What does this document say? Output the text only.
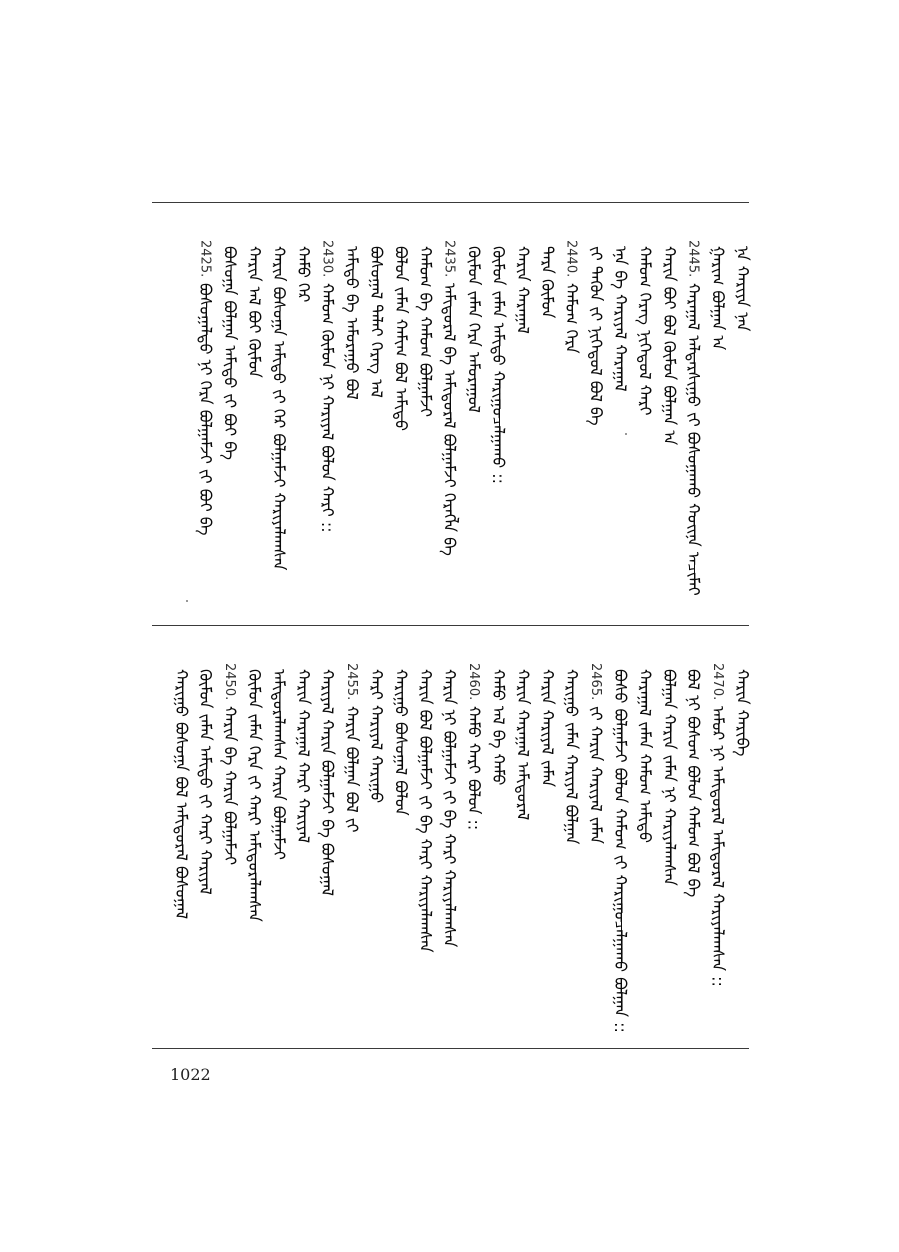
ᠨᠡ ᠬᠠᠷᠢᠶᠠ ᠨᠡᠨ
ᠭᠠᠷᠢᠭ ᠪᠣᠯᠭᠠᠨ ᠠ
2445.
ᠬᠠᠷᠠᠭᠠᠯ ᠠᠯᠳᠠᠷᠰᠢᠭᠤ ᠶ᠋ᠢ ᠪᠣᠰᠤᠭᠠᠬᠤ ᠬᠣᠢᠨᠠ ᠠᠴᠢᠮᠠᠢ
ᠬᠠᠷᠢᠨ ᠪᠣᠢ ᠪᠣᠯ ᠬᠦᠮᠦᠨ ᠪᠣᠯᠭᠠᠨ ᠠ
ᠬᠠᠮᠤᠭ ᠬᠡᠷᠡᠭ ᠨᠢᠭᠡᠳᠦᠯ ᠬᠠᠷᠢ
ᠡᠨᠡ ᠪᠡ ᠬᠠᠷᠢᠶᠠᠯ ᠬᠠᠷᠠᠭᠠᠯ
ᠶ᠋ᠢ ᠲᠡᠭᠦᠨ ᠶ᠋ᠢ ᠨᠢᠭᠡᠳᠦᠯ ᠪᠣᠯ ᠪᠡ
2440.
ᠬᠠᠮᠤᠭ ᠬᠡᠷᠡ
ᠲᠡᠷᠡ ᠬᠦᠮᠦᠨ
ᠬᠠᠷᠢᠨ ᠬᠠᠷᠠᠭᠠᠯ
ᠬᠦᠮᠦᠨ ᠵᠠᠮᠠᠨ ᠠᠮᠢᠳᠤ ᠬᠠᠷᠢᠭᠤᠴᠠᠯᠭᠠᠬᠤ ::
ᠬᠦᠮᠦᠨ ᠵᠠᠮᠠᠨ ᠬᠡᠷᠡ ᠠᠮᠤᠷᠠᠭᠤᠯ
2435.
ᠠᠮᠢᠳᠤᠷᠠᠯ ᠪᠡ ᠠᠮᠢᠳᠤᠷᠠᠯ ᠪᠣᠯᠭᠠᠮᠵᠢ ᠬᠡᠷᠡᠭᠯᠡ ᠪᠡ
ᠬᠠᠮᠤᠭ ᠪᠡ ᠬᠠᠮᠤᠭ ᠪᠣᠯᠭᠠᠮᠵᠢ
ᠪᠣᠯᠤᠨ ᠵᠠᠮᠠᠨ ᠬᠠᠮᠢᠭ ᠪᠣᠯ ᠠᠮᠢᠳᠤ
ᠪᠣᠰᠤᠭᠠᠯ ᠳᠠᠯᠠᠢ ᠬᠡᠷᠡᠭ ᠠᠯ
ᠠᠮᠢᠳᠤ ᠪᠡ ᠠᠮᠤᠷᠠᠭᠤ ᠪᠣᠯ
2430.
ᠬᠠᠮᠤᠭ ᠬᠦᠮᠦᠨ ᠨᠢ ᠬᠠᠷᠢᠶᠠᠯ ᠪᠣᠯᠤᠨ ᠬᠠᠷᠢ ::
ᠬᠠᠮᠤ ᠬᠡᠷ
ᠬᠠᠷᠢᠨ ᠪᠣᠰᠤᠭᠠ ᠠᠮᠢᠳᠤ ᠶ᠋ᠢ ᠬᠡᠷ ᠪᠣᠯᠭᠠᠮᠵᠢ ᠬᠠᠷᠢᠶᠠᠯᠠᠭᠰᠠᠨ
ᠬᠠᠷᠢᠨ ᠠᠯ ᠪᠣᠢ ᠬᠦᠮᠦᠨ
ᠪᠣᠰᠤᠭᠠ ᠪᠣᠯᠭᠠᠨ ᠠᠮᠢᠳᠤ ᠶ᠋ᠢ ᠪᠣᠢ ᠪᠡ
2425.
ᠪᠣᠰᠤᠭᠠᠯᠳᠤ ᠨᠢ ᠬᠡᠷᠡ ᠪᠣᠯᠭᠠᠮᠵᠢ ᠶ᠋ᠢ ᠪᠣᠢ ᠪᠡ
ᠬᠠᠷᠢᠨ ᠬᠠᠷᠢᠪᠡ
2470.
ᠠᠮᠤᠷ ᠨᠢ ᠠᠮᠢᠳᠤᠷᠠᠯ ᠠᠮᠢᠳᠤᠷᠠᠯ ᠬᠠᠷᠢᠶᠠᠯᠠᠭᠰᠠᠨ ::
ᠪᠣᠯ ᠨᠢ ᠪᠣᠰᠤᠭ ᠪᠣᠯᠤᠨ ᠬᠠᠮᠤᠭ ᠪᠣᠯ ᠪᠡ
ᠪᠣᠯᠭᠠᠨ ᠬᠠᠷᠢᠨ ᠵᠠᠮᠠᠨ ᠨᠢ ᠬᠠᠷᠢᠶᠠᠯᠠᠭᠰᠠᠨ
ᠬᠠᠷᠠᠭᠠᠯ ᠵᠠᠮᠠᠨ ᠬᠠᠮᠤᠭ ᠠᠮᠢᠳᠤ
ᠪᠣᠰᠤ ᠪᠣᠯᠭᠠᠮᠵᠢ ᠪᠣᠯᠤᠨ ᠬᠠᠮᠤᠭ ᠶ᠋ᠢ ᠬᠠᠷᠢᠭᠤᠴᠠᠯᠭᠠᠬᠤ ᠪᠣᠯᠭᠠᠨ ::
2465.
ᠶ᠋ᠢ ᠬᠠᠷᠢᠨ ᠬᠠᠷᠢᠶᠠᠯ ᠵᠠᠮᠠᠨ
ᠬᠠᠷᠢᠭᠤ ᠵᠠᠮᠠᠨ ᠬᠠᠷᠢᠶᠠᠯ ᠪᠣᠯᠭᠠᠨ
ᠬᠠᠷᠢᠨ ᠬᠠᠷᠢᠶᠠᠯ ᠵᠠᠮᠠᠨ
ᠬᠠᠷᠢᠨ ᠬᠠᠷᠠᠭᠠᠯ ᠠᠮᠢᠳᠤᠷᠠᠯ
ᠬᠠᠮᠤ ᠠᠯ ᠪᠡ ᠬᠠᠮᠤ
2460.
ᠬᠠᠮᠤ ᠬᠠᠷᠢ ᠪᠣᠯᠤᠨ ::
ᠬᠠᠷᠢᠨ ᠨᠢ ᠪᠣᠯᠭᠠᠮᠵᠢ ᠶ᠋ᠢ ᠪᠡ ᠬᠠᠷᠢ ᠬᠠᠷᠢᠶᠠᠯᠠᠭᠰᠠᠨ
ᠬᠠᠷᠢᠨ ᠪᠣᠯ ᠪᠣᠯᠭᠠᠮᠵᠢ ᠶ᠋ᠢ ᠪᠡ ᠬᠠᠷᠢ ᠬᠠᠷᠢᠶᠠᠯᠠᠭᠰᠠᠨ
ᠬᠠᠷᠢᠭᠤ ᠪᠣᠰᠤᠭᠠᠯ ᠪᠣᠯᠤᠨ
ᠬᠠᠷᠢ ᠬᠠᠷᠢᠶᠠᠯ ᠬᠠᠷᠢᠭᠤ
2455.
ᠬᠠᠷᠢᠨ ᠪᠣᠯᠭᠠᠨ ᠪᠣᠯ ᠶ᠋ᠢ
ᠬᠠᠷᠢᠶᠠᠯ ᠬᠠᠷᠢᠨ ᠪᠣᠯᠭᠠᠮᠵᠢ ᠪᠡ ᠪᠣᠰᠤᠭᠠᠯ
ᠬᠠᠷᠢᠨ ᠬᠠᠷᠠᠭᠠᠯ ᠬᠠᠷᠢ ᠬᠠᠷᠢᠶᠠᠯ
ᠠᠮᠢᠳᠤᠷᠠᠯᠠᠭᠰᠠᠨ ᠬᠠᠷᠢᠨ ᠪᠣᠯᠭᠠᠮᠵᠢ
ᠬᠦᠮᠦᠨ ᠵᠠᠮᠠᠨ ᠬᠡᠷᠡ ᠶ᠋ᠢ ᠬᠠᠷᠢ ᠠᠮᠢᠳᠤᠷᠠᠯᠠᠭᠰᠠᠨ
2450.
ᠬᠠᠷᠢᠨ ᠪᠡ ᠬᠠᠷᠢᠨ ᠪᠣᠯᠭᠠᠮᠵᠢ
ᠬᠦᠮᠦᠨ ᠵᠠᠮᠠᠨ ᠠᠮᠢᠳᠤ ᠶ᠋ᠢ ᠬᠠᠷᠢ ᠬᠠᠷᠢᠶᠠᠯ
ᠬᠠᠷᠢᠭᠤ ᠪᠣᠰᠤᠭᠠ ᠪᠣᠯ ᠠᠮᠢᠳᠤᠷᠠᠯ ᠪᠣᠰᠤᠭᠠᠯ
1022
